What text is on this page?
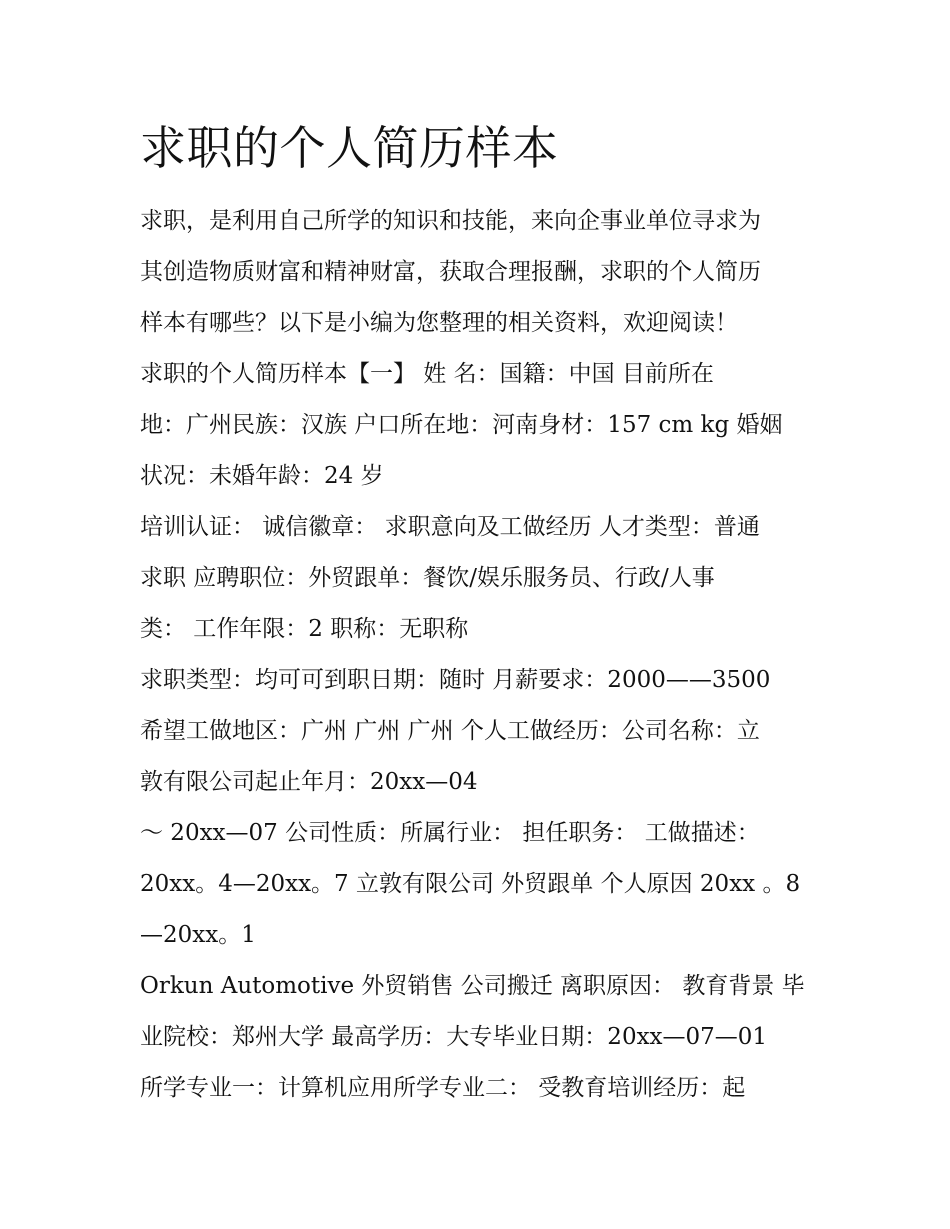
求职的个人简历样本

求职，是利用自己所学的知识和技能，来向企事业单位寻求为

其创造物质财富和精神财富，获取合理报酬，求职的个人简历

样本有哪些？以下是小编为您整理的相关资料，欢迎阅读！

求职的个人简历样本【一】 姓 名：国籍：中国 目前所在

地：广州民族：汉族 户口所在地：河南身材：157 cm kg 婚姻

状况：未婚年龄：24 岁

培训认证： 诚信徽章： 求职意向及工做经历 人才类型：普通

求职 应聘职位：外贸跟单：餐饮/娱乐服务员、行政/人事

类： 工作年限：2 职称：无职称

求职类型：均可可到职日期：随时 月薪要求：2000——3500

希望工做地区：广州 广州 广州 个人工做经历：公司名称：立

敦有限公司起止年月：20xx—04

～ 20xx—07 公司性质：所属行业： 担任职务： 工做描述：

20xx。4—20xx。7 立敦有限公司 外贸跟单 个人原因 20xx 。8

—20xx。1

Orkun Automotive 外贸销售 公司搬迁 离职原因： 教育背景 毕

业院校：郑州大学 最高学历：大专毕业日期：20xx—07—01

所学专业一：计算机应用所学专业二： 受教育培训经历：起
